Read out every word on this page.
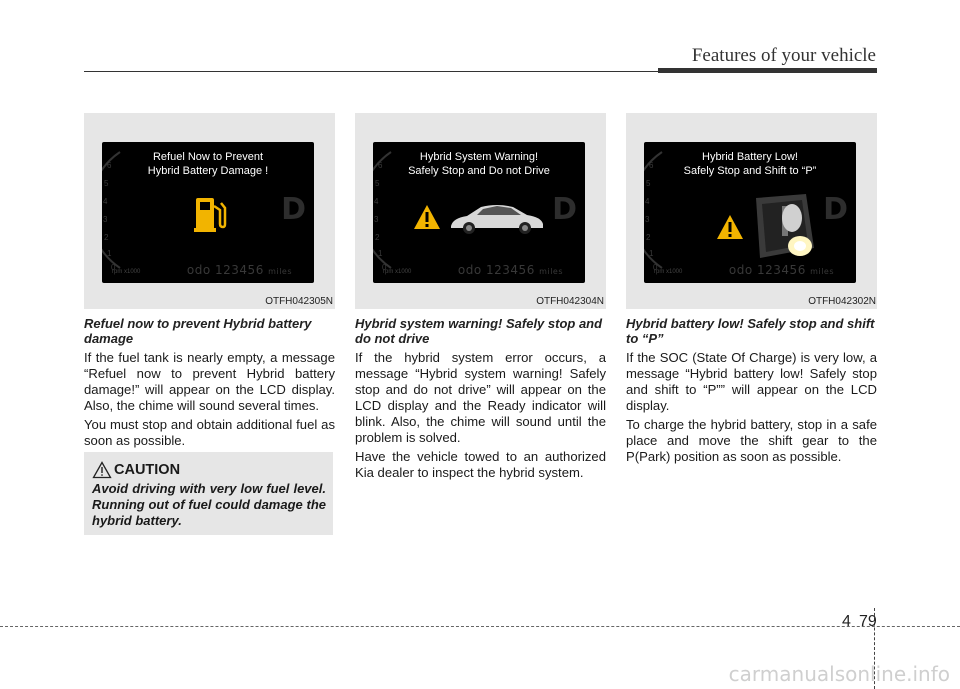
Features of your vehicle
6
5
4
3
2
1
0
Refuel Now to Prevent
Hybrid Battery Damage !
D
rpm x1000	odo 123456 miles
OTFH042305N
6
5
4
3
2
1
0
Hybrid System Warning!
Safely Stop and Do not Drive
D
rpm x1000	odo 123456 miles
OTFH042304N
6
5
4
3
2
1
0
Hybrid Battery Low!
Safely Stop and Shift to “P”
D
rpm x1000	odo 123456 miles
OTFH042302N

Refuel now to prevent Hybrid battery damage

If the fuel tank is nearly empty, a message “Refuel now to prevent Hybrid battery damage!” will appear on the LCD display. Also, the chime will sound several times.

You must stop and obtain additional fuel as soon as possible.

Hybrid system warning! Safely stop and do not drive

If the hybrid system error occurs, a message “Hybrid system warning! Safely stop and do not drive” will appear on the LCD display and the Ready indicator will blink. Also, the chime will sound until the problem is solved.

Have the vehicle towed to an authorized Kia dealer to inspect the hybrid system.

Hybrid battery low! Safely stop and shift to “P”

If the SOC (State Of Charge) is very low, a message “Hybrid battery low! Safely stop and shift to “P”” will appear on the LCD display.

To charge the hybrid battery, stop in a safe place and move the shift gear to the P(Park) position as soon as possible.

CAUTION
Avoid driving with very low fuel level. Running out of fuel could damage the hybrid battery.
4 79
carmanualsonline.info
